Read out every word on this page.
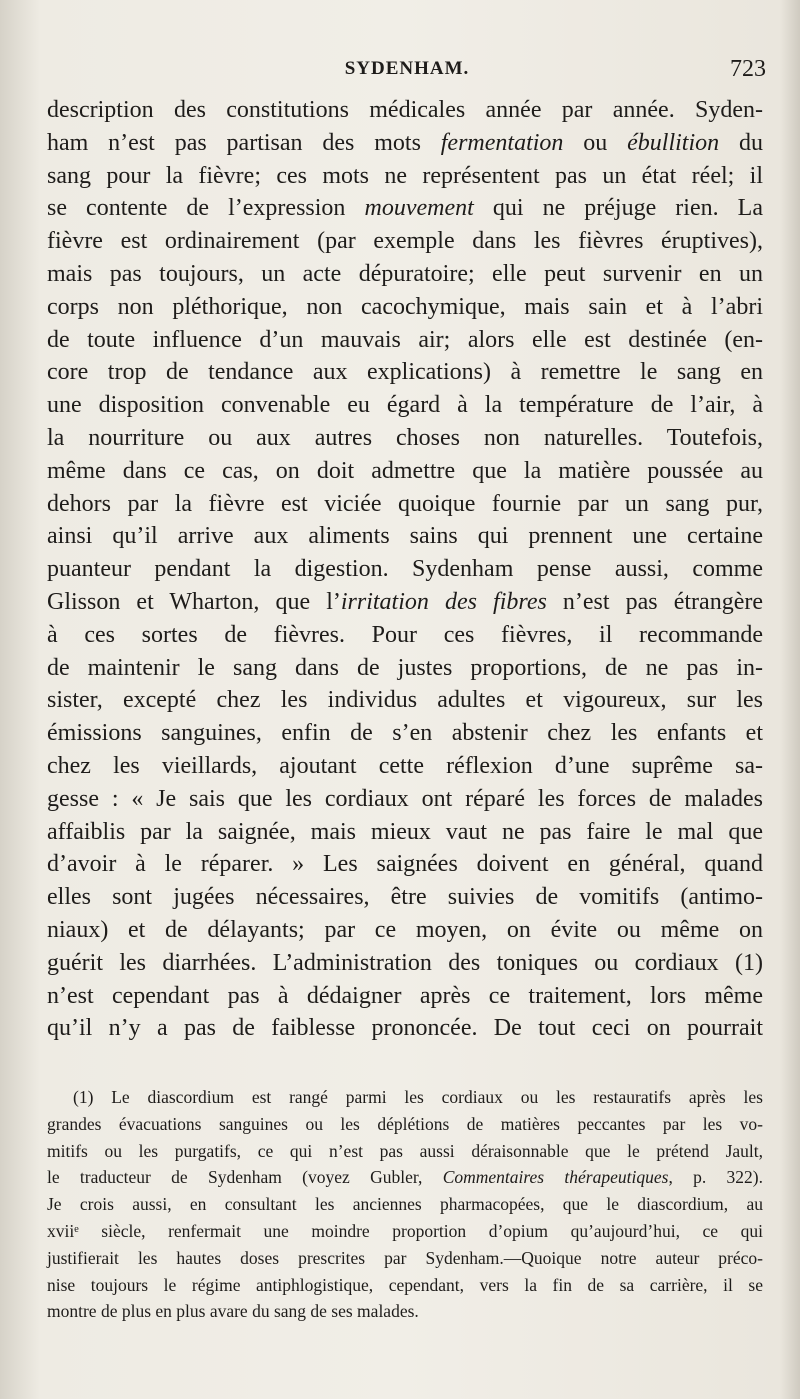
SYDENHAM.	723
description des constitutions médicales année par année. Syden-
ham n’est pas partisan des mots fermentation ou ébullition du
sang pour la fièvre; ces mots ne représentent pas un état réel; il
se contente de l’expression mouvement qui ne préjuge rien. La
fièvre est ordinairement (par exemple dans les fièvres éruptives),
mais pas toujours, un acte dépuratoire; elle peut survenir en un
corps non pléthorique, non cacochymique, mais sain et à l’abri
de toute influence d’un mauvais air; alors elle est destinée (en-
core trop de tendance aux explications) à remettre le sang en
une disposition convenable eu égard à la température de l’air, à
la nourriture ou aux autres choses non naturelles. Toutefois,
même dans ce cas, on doit admettre que la matière poussée au
dehors par la fièvre est viciée quoique fournie par un sang pur,
ainsi qu’il arrive aux aliments sains qui prennent une certaine
puanteur pendant la digestion. Sydenham pense aussi, comme
Glisson et Wharton, que l’irritation des fibres n’est pas étrangère
à ces sortes de fièvres. Pour ces fièvres, il recommande
de maintenir le sang dans de justes proportions, de ne pas in-
sister, excepté chez les individus adultes et vigoureux, sur les
émissions sanguines, enfin de s’en abstenir chez les enfants et
chez les vieillards, ajoutant cette réflexion d’une suprême sa-
gesse : « Je sais que les cordiaux ont réparé les forces de malades
affaiblis par la saignée, mais mieux vaut ne pas faire le mal que
d’avoir à le réparer. » Les saignées doivent en général, quand
elles sont jugées nécessaires, être suivies de vomitifs (antimo-
niaux) et de délayants; par ce moyen, on évite ou même on
guérit les diarrhées. L’administration des toniques ou cordiaux (1)
n’est cependant pas à dédaigner après ce traitement, lors même
qu’il n’y a pas de faiblesse prononcée. De tout ceci on pourrait
(1) Le diascordium est rangé parmi les cordiaux ou les restauratifs après les
grandes évacuations sanguines ou les déplétions de matières peccantes par les vo-
mitifs ou les purgatifs, ce qui n’est pas aussi déraisonnable que le prétend Jault,
le traducteur de Sydenham (voyez Gubler, Commentaires thérapeutiques, p. 322).
Je crois aussi, en consultant les anciennes pharmacopées, que le diascordium, au
xviiᵉ siècle, renfermait une moindre proportion d’opium qu’aujourd’hui, ce qui
justifierait les hautes doses prescrites par Sydenham.—Quoique notre auteur préco-
nise toujours le régime antiphlogistique, cependant, vers la fin de sa carrière, il se
montre de plus en plus avare du sang de ses malades.
